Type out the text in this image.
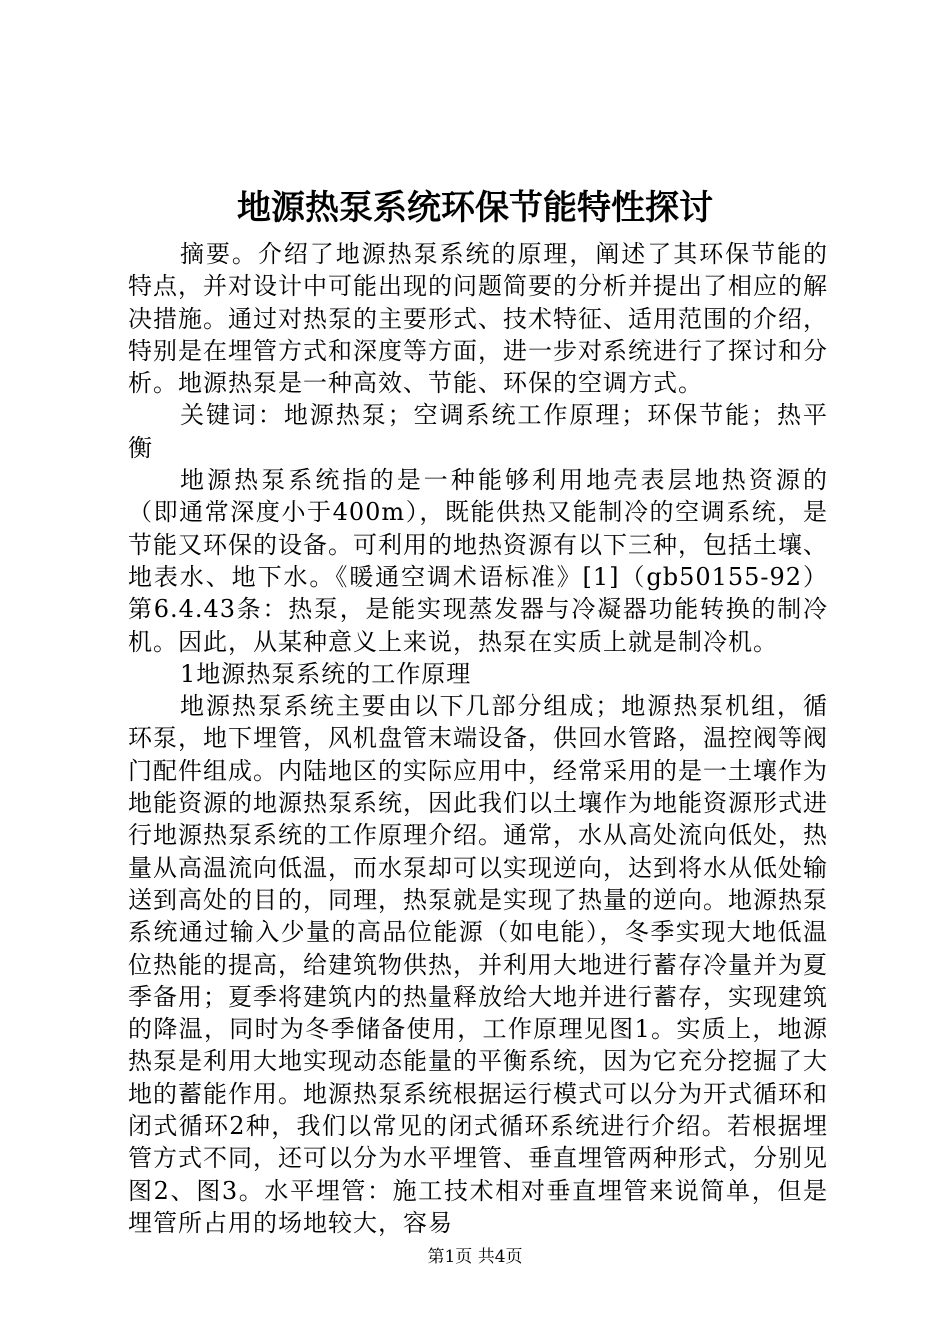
地源热泵系统环保节能特性探讨

摘要。介绍了地源热泵系统的原理，阐述了其环保节能的特点，并对设计中可能出现的问题简要的分析并提出了相应的解决措施。通过对热泵的主要形式、技术特征、适用范围的介绍，特别是在埋管方式和深度等方面，进一步对系统进行了探讨和分析。地源热泵是一种高效、节能、环保的空调方式。

关键词：地源热泵；空调系统工作原理；环保节能；热平衡

地源热泵系统指的是一种能够利用地壳表层地热资源的（即通常深度小于400m），既能供热又能制冷的空调系统，是节能又环保的设备。可利用的地热资源有以下三种，包括土壤、地表水、地下水。《暖通空调术语标准》[1]（gb50155-92）第6.4.43条：热泵，是能实现蒸发器与冷凝器功能转换的制冷机。因此，从某种意义上来说，热泵在实质上就是制冷机。

1地源热泵系统的工作原理

地源热泵系统主要由以下几部分组成；地源热泵机组，循环泵，地下埋管，风机盘管末端设备，供回水管路，温控阀等阀门配件组成。内陆地区的实际应用中，经常采用的是一土壤作为地能资源的地源热泵系统，因此我们以土壤作为地能资源形式进行地源热泵系统的工作原理介绍。通常，水从高处流向低处，热量从高温流向低温，而水泵却可以实现逆向，达到将水从低处输送到高处的目的，同理，热泵就是实现了热量的逆向。地源热泵系统通过输入少量的高品位能源（如电能），冬季实现大地低温位热能的提高，给建筑物供热，并利用大地进行蓄存冷量并为夏季备用；夏季将建筑内的热量释放给大地并进行蓄存，实现建筑的降温，同时为冬季储备使用，工作原理见图1。实质上，地源热泵是利用大地实现动态能量的平衡系统，因为它充分挖掘了大地的蓄能作用。地源热泵系统根据运行模式可以分为开式循环和闭式循环2种，我们以常见的闭式循环系统进行介绍。若根据埋管方式不同，还可以分为水平埋管、垂直埋管两种形式，分别见图2、图3。水平埋管：施工技术相对垂直埋管来说简单，但是埋管所占用的场地较大，容易

第1页 共4页
